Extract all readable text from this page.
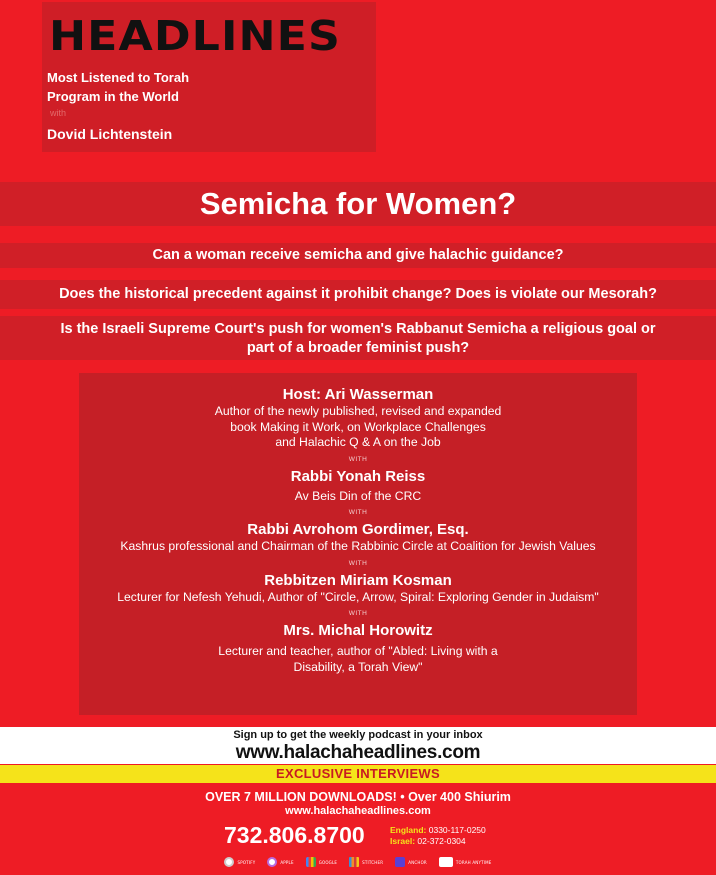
HEADLINES
Most Listened to Torah
Program in the World
with
Dovid Lichtenstein
Semicha for Women?
Can a woman receive semicha and give halachic guidance?
Does the historical precedent against it prohibit change? Does is violate our Mesorah?
Is the Israeli Supreme Court's push for women's Rabbanut Semicha a religious goal or
part of a broader feminist push?
Host: Ari Wasserman
Author of the newly published, revised and expanded
book Making it Work, on Workplace Challenges
and Halachic Q & A on the Job
WITH
Rabbi Yonah Reiss
Av Beis Din of the CRC
WITH
Rabbi Avrohom Gordimer, Esq.
Kashrus professional and Chairman of the Rabbinic Circle at Coalition for Jewish Values
WITH
Rebbitzen Miriam Kosman
Lecturer for Nefesh Yehudi, Author of "Circle, Arrow, Spiral: Exploring Gender in Judaism"
WITH
Mrs. Michal Horowitz
Lecturer and teacher, author of "Abled: Living with a
Disability, a Torah View"
Sign up to get the weekly podcast in your inbox
www.halachaheadlines.com
EXCLUSIVE INTERVIEWS
OVER 7 MILLION DOWNLOADS! • Over 400 Shiurim
www.halachaheadlines.com
732.806.8700	England: 0330-117-0250
Israel: 02-372-0304
SPOTIFY	APPLE	GOOGLE	STITCHER	ANCHOR	TORAH ANYTIME
